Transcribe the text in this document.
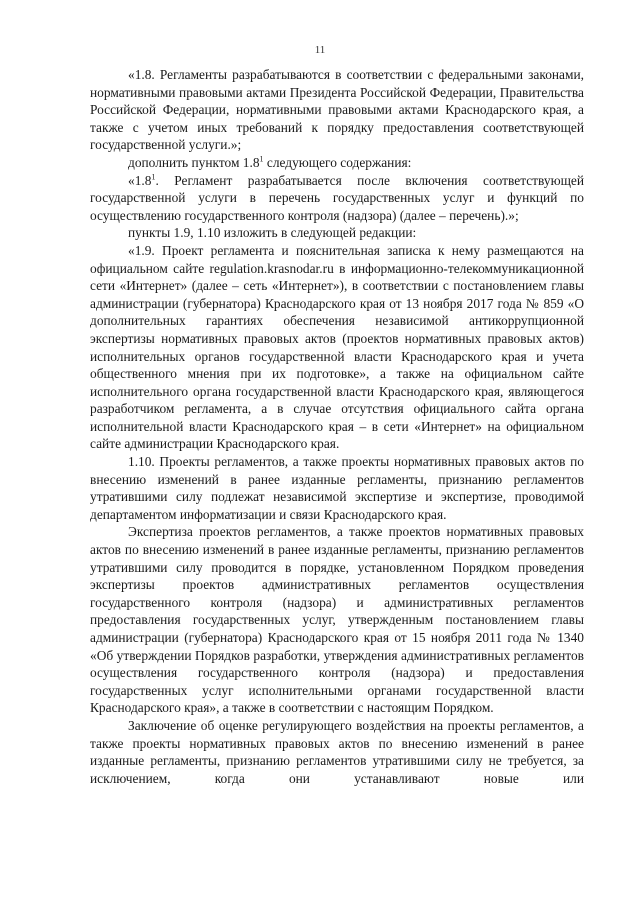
11

«1.8. Регламенты разрабатываются в соответствии с федеральными законами, нормативными правовыми актами Президента Российской Федерации, Правительства Российской Федерации, нормативными правовыми актами Краснодарского края, а также с учетом иных требований к порядку предоставления соответствующей государственной услуги.»;

дополнить пунктом $1.8^1$ следующего содержания:

«$1.8^1$. Регламент разрабатывается после включения соответствующей государственной услуги в перечень государственных услуг и функций по осуществлению государственного контроля (надзора) (далее – перечень).»;

пункты 1.9, 1.10 изложить в следующей редакции:

«1.9. Проект регламента и пояснительная записка к нему размещаются на официальном сайте regulation.krasnodar.ru в информационно-телекоммуникационной сети «Интернет» (далее – сеть «Интернет»), в соответствии с постановлением главы администрации (губернатора) Краснодарского края от 13 ноября 2017 года № 859 «О дополнительных гарантиях обеспечения независимой антикоррупционной экспертизы нормативных правовых актов (проектов нормативных правовых актов) исполнительных органов государственной власти Краснодарского края и учета общественного мнения при их подготовке», а также на официальном сайте исполнительного органа государственной власти Краснодарского края, являющегося разработчиком регламента, а в случае отсутствия официального сайта органа исполнительной власти Краснодарского края – в сети «Интернет» на официальном сайте администрации Краснодарского края.

1.10. Проекты регламентов, а также проекты нормативных правовых актов по внесению изменений в ранее изданные регламенты, признанию регламентов утратившими силу подлежат независимой экспертизе и экспертизе, проводимой департаментом информатизации и связи Краснодарского края.

Экспертиза проектов регламентов, а также проектов нормативных правовых актов по внесению изменений в ранее изданные регламенты, признанию регламентов утратившими силу проводится в порядке, установленном Порядком проведения экспертизы проектов административных регламентов осуществления государственного контроля (надзора) и административных регламентов предоставления государственных услуг, утвержденным постановлением главы администрации (губернатора) Краснодарского края от 15 ноября 2011 года № 1340 «Об утверждении Порядков разработки, утверждения административных регламентов осуществления государственного контроля (надзора) и предоставления государственных услуг исполнительными органами государственной власти Краснодарского края», а также в соответствии с настоящим Порядком.

Заключение об оценке регулирующего воздействия на проекты регламентов, а также проекты нормативных правовых актов по внесению изменений в ранее изданные регламенты, признанию регламентов утратившими силу не требуется, за исключением, когда они устанавливают новые или
